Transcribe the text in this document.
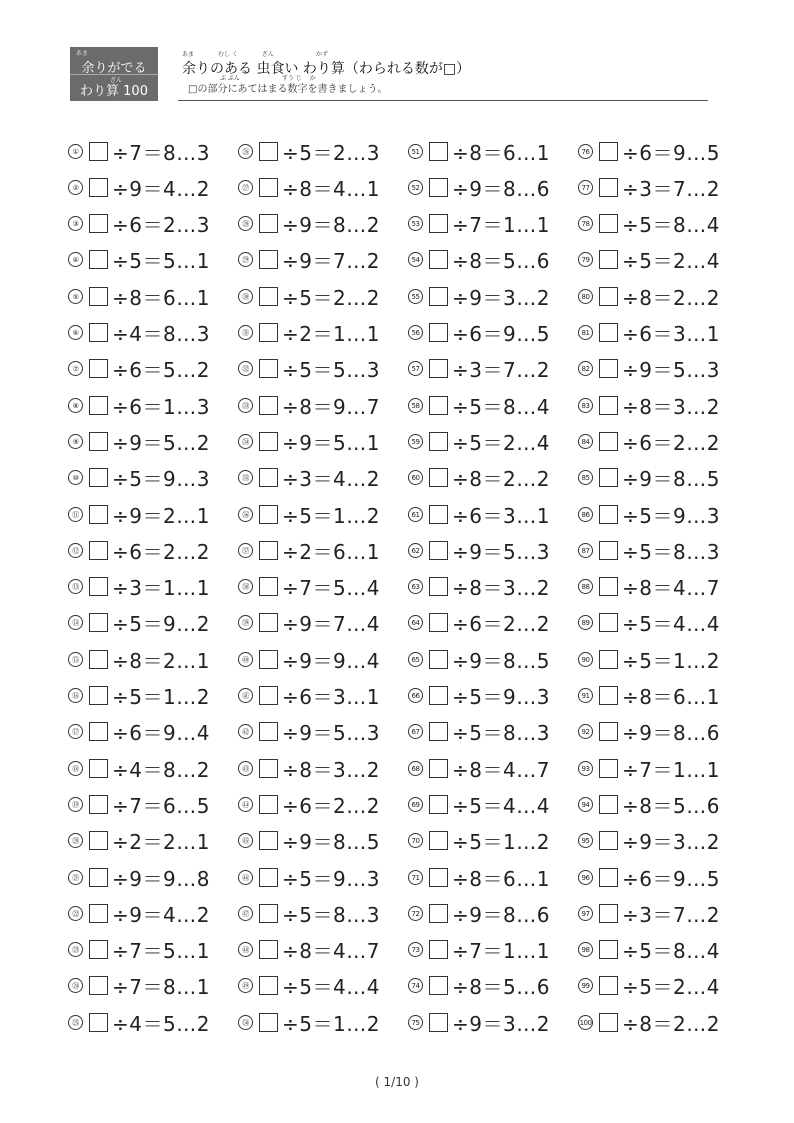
あま
余りがでる
ざん
わり算 100
あま　　　　むし く　　　　ざん　　　　　　　かず
余りのある 虫食い わり算（わられる数が□）
ぶ ぶん　　　　　　　すう じ　 か
□の部分にあてはまる数字を書きましょう。
① ÷7＝8…3
② ÷9＝4…2
③ ÷6＝2…3
④ ÷5＝5…1
⑤ ÷8＝6…1
⑥ ÷4＝8…3
⑦ ÷6＝5…2
⑧ ÷6＝1…3
⑨ ÷9＝5…2
⑩ ÷5＝9…3
⑪ ÷9＝2…1
⑫ ÷6＝2…2
⑬ ÷3＝1…1
⑭ ÷5＝9…2
⑮ ÷8＝2…1
⑯ ÷5＝1…2
⑰ ÷6＝9…4
⑱ ÷4＝8…2
⑲ ÷7＝6…5
⑳ ÷2＝2…1
㉑ ÷9＝9…8
㉒ ÷9＝4…2
㉓ ÷7＝5…1
㉔ ÷7＝8…1
㉕ ÷4＝5…2
㉖ ÷5＝2…3
㉗ ÷8＝4…1
㉘ ÷9＝8…2
㉙ ÷9＝7…2
㉚ ÷5＝2…2
㉛ ÷2＝1…1
㉜ ÷5＝5…3
㉝ ÷8＝9…7
㉞ ÷9＝5…1
㉟ ÷3＝4…2
㊱ ÷5＝1…2
㊲ ÷2＝6…1
㊳ ÷7＝5…4
㊴ ÷9＝7…4
㊵ ÷9＝9…4
㊶ ÷6＝3…1
㊷ ÷9＝5…3
㊸ ÷8＝3…2
㊹ ÷6＝2…2
㊺ ÷9＝8…5
㊻ ÷5＝9…3
㊼ ÷5＝8…3
㊽ ÷8＝4…7
㊾ ÷5＝4…4
㊿ ÷5＝1…2
51 ÷8＝6…1
52 ÷9＝8…6
53 ÷7＝1…1
54 ÷8＝5…6
55 ÷9＝3…2
56 ÷6＝9…5
57 ÷3＝7…2
58 ÷5＝8…4
59 ÷5＝2…4
60 ÷8＝2…2
61 ÷6＝3…1
62 ÷9＝5…3
63 ÷8＝3…2
64 ÷6＝2…2
65 ÷9＝8…5
66 ÷5＝9…3
67 ÷5＝8…3
68 ÷8＝4…7
69 ÷5＝4…4
70 ÷5＝1…2
71 ÷8＝6…1
72 ÷9＝8…6
73 ÷7＝1…1
74 ÷8＝5…6
75 ÷9＝3…2
76 ÷6＝9…5
77 ÷3＝7…2
78 ÷5＝8…4
79 ÷5＝2…4
80 ÷8＝2…2
81 ÷6＝3…1
82 ÷9＝5…3
83 ÷8＝3…2
84 ÷6＝2…2
85 ÷9＝8…5
86 ÷5＝9…3
87 ÷5＝8…3
88 ÷8＝4…7
89 ÷5＝4…4
90 ÷5＝1…2
91 ÷8＝6…1
92 ÷9＝8…6
93 ÷7＝1…1
94 ÷8＝5…6
95 ÷9＝3…2
96 ÷6＝9…5
97 ÷3＝7…2
98 ÷5＝8…4
99 ÷5＝2…4
100 ÷8＝2…2
( 1/10 )
